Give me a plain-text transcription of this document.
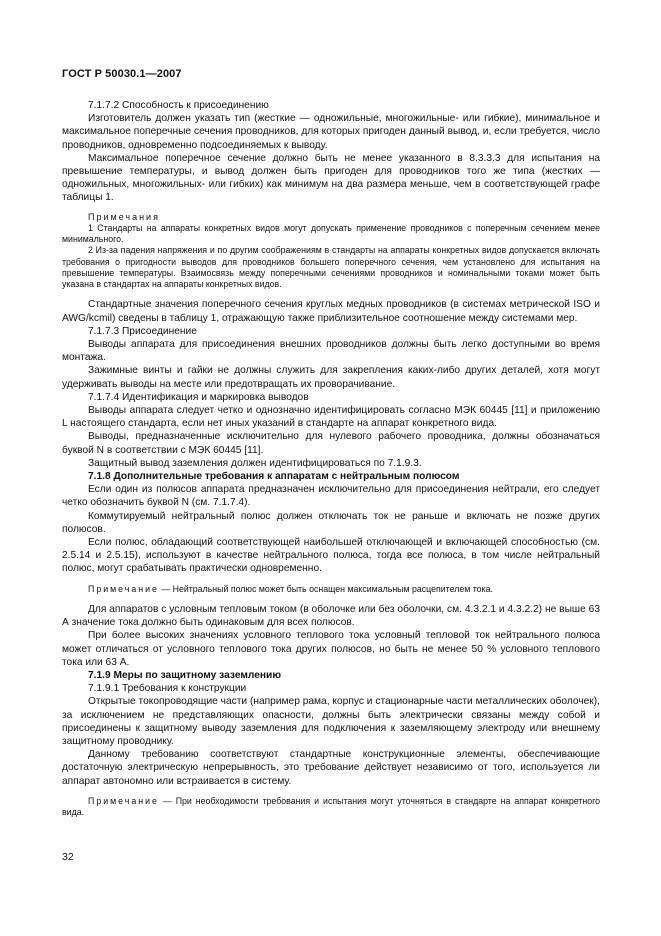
ГОСТ Р 50030.1—2007

7.1.7.2 Способность к присоединению

Изготовитель должен указать тип (жесткие — одножильные, многожильные- или гибкие), минимальное и максимальное поперечные сечения проводников, для которых пригоден данный вывод, и, если требуется, число проводников, одновременно подсоединяемых к выводу.

Максимальное поперечное сечение должно быть не менее указанного в 8.3.3.3 для испытания на превышение температуры, и вывод должен быть пригоден для проводников того же типа (жестких — одножильных, многожильных- или гибких) как минимум на два размера меньше, чем в соответствующей графе таблицы 1.

Примечания

1 Стандарты на аппараты конкретных видов могут допускать применение проводников с поперечным сечением менее минимального.

2 Из-за падения напряжения и по другим соображениям в стандарты на аппараты конкретных видов допускается включать требования о пригодности выводов для проводников большего поперечного сечения, чем установлено для испытания на превышение температуры. Взаимосвязь между поперечными сечениями проводников и номинальными токами может быть указана в стандартах на аппараты конкретных видов.

Стандартные значения поперечного сечения круглых медных проводников (в системах метрической ISO и AWG/kcmil) сведены в таблицу 1, отражающую также приблизительное соотношение между системами мер.

7.1.7.3 Присоединение

Выводы аппарата для присоединения внешних проводников должны быть легко доступными во время монтажа.

Зажимные винты и гайки не должны служить для закрепления каких-либо других деталей, хотя могут удерживать выводы на месте или предотвращать их проворачивание.

7.1.7.4 Идентификация и маркировка выводов

Выводы аппарата следует четко и однозначно идентифицировать согласно МЭК 60445 [11] и приложению L настоящего стандарта, если нет иных указаний в стандарте на аппарат конкретного вида.

Выводы, предназначенные исключительно для нулевого рабочего проводника, должны обозначаться буквой N в соответствии с МЭК 60445 [11].

Защитный вывод заземления должен идентифицироваться по 7.1.9.3.

7.1.8 Дополнительные требования к аппаратам с нейтральным полюсом

Если один из полюсов аппарата предназначен исключительно для присоединения нейтрали, его следует четко обозначить буквой N (см. 7.1.7.4).

Коммутируемый нейтральный полюс должен отключать ток не раньше и включать не позже других полюсов.

Если полюс, обладающий соответствующей наибольшей отключающей и включающей способностью (см. 2.5.14 и 2.5.15), используют в качестве нейтрального полюса, тогда все полюса, в том числе нейтральный полюс, могут срабатывать практически одновременно.

Примечание — Нейтральный полюс может быть оснащен максимальным расцепителем тока.

Для аппаратов с условным тепловым током (в оболочке или без оболочки, см. 4.3.2.1 и 4.3.2.2) не выше 63 А значение тока должно быть одинаковым для всех полюсов.

При более высоких значениях условного теплового тока условный тепловой ток нейтрального полюса может отличаться от условного теплового тока других полюсов, но быть не менее 50 % условного теплового тока или 63 А.

7.1.9 Меры по защитному заземлению

7.1.9.1 Требования к конструкции

Открытые токопроводящие части (например рама, корпус и стационарные части металлических оболочек), за исключением не представляющих опасности, должны быть электрически связаны между собой и присоединены к защитному выводу заземления для подключения к заземляющему электроду или внешнему защитному проводнику.

Данному требованию соответствуют стандартные конструкционные элементы, обеспечивающие достаточную электрическую непрерывность, это требование действует независимо от того, используется ли аппарат автономно или встраивается в систему.

Примечание — При необходимости требования и испытания могут уточняться в стандарте на аппарат конкретного вида.

32
